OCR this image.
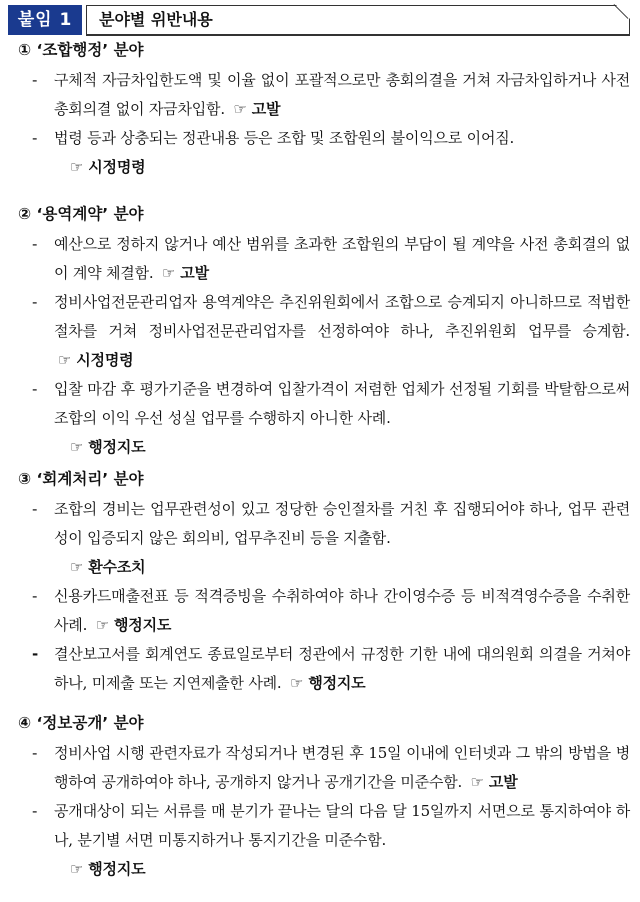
붙임 1	분야별 위반내용
① ‘조합행정’ 분야
- 구체적 자금차입한도액 및 이율 없이 포괄적으로만 총회의결을 거쳐 자금차입하거나 사전 총회의결 없이 자금차입함. ☞ 고발
- 법령 등과 상충되는 정관내용 등은 조합 및 조합원의 불이익으로 이어짐.
☞ 시정명령
② ‘용역계약’ 분야
- 예산으로 정하지 않거나 예산 범위를 초과한 조합원의 부담이 될 계약을 사전 총회결의 없이 계약 체결함. ☞ 고발
- 정비사업전문관리업자 용역계약은 추진위원회에서 조합으로 승계되지 아니하므로 적법한 절차를 거쳐 정비사업전문관리업자를 선정하여야 하나, 추진위원회 업무를 승계함. ☞ 시정명령
- 입찰 마감 후 평가기준을 변경하여 입찰가격이 저렴한 업체가 선정될 기회를 박탈함으로써 조합의 이익 우선 성실 업무를 수행하지 아니한 사례.
☞ 행정지도
③ ‘회계처리’ 분야
- 조합의 경비는 업무관련성이 있고 정당한 승인절차를 거친 후 집행되어야 하나, 업무 관련성이 입증되지 않은 회의비, 업무추진비 등을 지출함.
☞ 환수조치
- 신용카드매출전표 등 적격증빙을 수취하여야 하나 간이영수증 등 비적격영수증을 수취한 사례. ☞ 행정지도
- 결산보고서를 회계연도 종료일로부터 정관에서 규정한 기한 내에 대의원회 의결을 거쳐야 하나, 미제출 또는 지연제출한 사례. ☞ 행정지도
④ ‘정보공개’ 분야
- 정비사업 시행 관련자료가 작성되거나 변경된 후 15일 이내에 인터넷과 그 밖의 방법을 병행하여 공개하여야 하나, 공개하지 않거나 공개기간을 미준수함. ☞ 고발
- 공개대상이 되는 서류를 매 분기가 끝나는 달의 다음 달 15일까지 서면으로 통지하여야 하나, 분기별 서면 미통지하거나 통지기간을 미준수함.
☞ 행정지도
